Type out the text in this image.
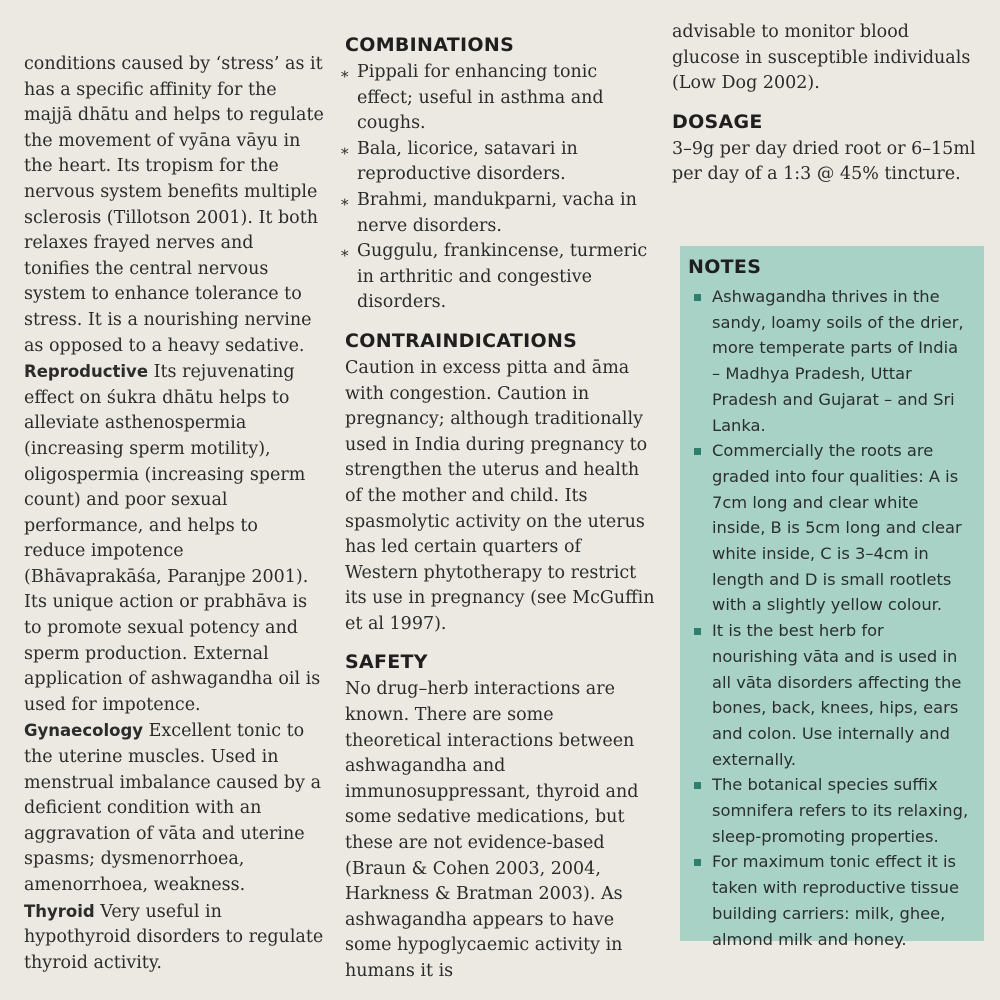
conditions caused by ‘stress’ as it has a specific affinity for the majjā dhātu and helps to regulate the movement of vyāna vāyu in the heart. Its tropism for the nervous system benefits multiple sclerosis (Tillotson 2001). It both relaxes frayed nerves and tonifies the central nervous system to enhance tolerance to stress. It is a nourishing nervine as opposed to a heavy sedative.

Reproductive Its rejuvenating effect on śukra dhātu helps to alleviate asthenospermia (increasing sperm motility), oligospermia (increasing sperm count) and poor sexual performance, and helps to reduce impotence (Bhāvaprakāśa, Paranjpe 2001). Its unique action or prabhāva is to promote sexual potency and sperm production. External application of ashwagandha oil is used for impotence.

Gynaecology Excellent tonic to the uterine muscles. Used in menstrual imbalance caused by a deficient condition with an aggravation of vāta and uterine spasms; dysmenorrhoea, amenorrhoea, weakness.

Thyroid Very useful in hypothyroid disorders to regulate thyroid activity.

COMBINATIONS
⁎ Pippali for enhancing tonic effect; useful in asthma and coughs.
⁎ Bala, licorice, satavari in reproductive disorders.
⁎ Brahmi, mandukparni, vacha in nerve disorders.
⁎ Guggulu, frankincense, turmeric in arthritic and congestive disorders.
CONTRAINDICATIONS

Caution in excess pitta and āma with congestion. Caution in pregnancy; although traditionally used in India during pregnancy to strengthen the uterus and health of the mother and child. Its spasmolytic activity on the uterus has led certain quarters of Western phytotherapy to restrict its use in pregnancy (see McGuffin et al 1997).

SAFETY

No drug–herb interactions are known. There are some theoretical interactions between ashwagandha and immunosuppressant, thyroid and some sedative medications, but these are not evidence-based (Braun & Cohen 2003, 2004, Harkness & Bratman 2003). As ashwagandha appears to have some hypoglycaemic activity in humans it is

advisable to monitor blood glucose in susceptible individuals (Low Dog 2002).

DOSAGE

3–9g per day dried root or 6–15ml per day of a 1:3 @ 45% tincture.

NOTES
Ashwagandha thrives in the sandy, loamy soils of the drier, more temperate parts of India – Madhya Pradesh, Uttar Pradesh and Gujarat – and Sri Lanka.
Commercially the roots are graded into four qualities: A is 7cm long and clear white inside, B is 5cm long and clear white inside, C is 3–4cm in length and D is small rootlets with a slightly yellow colour.
It is the best herb for nourishing vāta and is used in all vāta disorders affecting the bones, back, knees, hips, ears and colon. Use internally and externally.
The botanical species suffix somnifera refers to its relaxing, sleep-promoting properties.
For maximum tonic effect it is taken with reproductive tissue building carriers: milk, ghee, almond milk and honey.
